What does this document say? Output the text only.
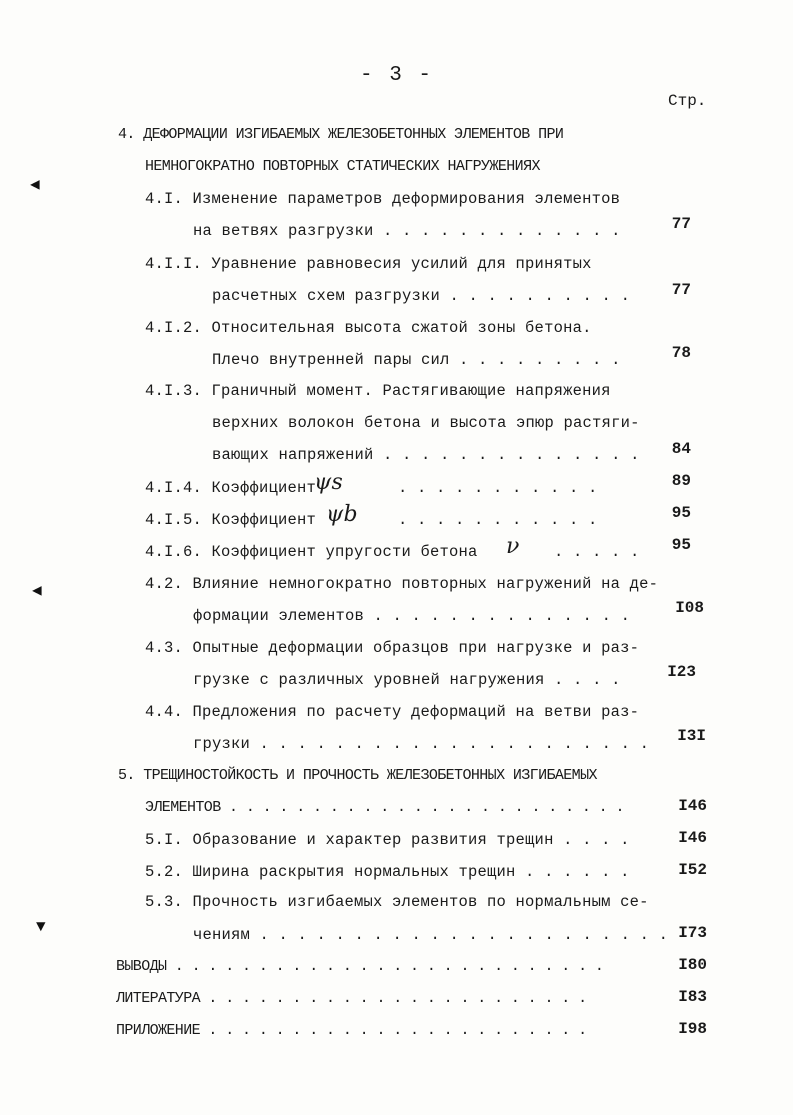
- 3 -
Стр.
◀
◀
▼
4. ДЕФОРМАЦИИ ИЗГИБАЕМЫХ ЖЕЛЕЗОБЕТОННЫХ ЭЛЕМЕНТОВ ПРИ
НЕМНОГОКРАТНО ПОВТОРНЫХ СТАТИЧЕСКИХ НАГРУЖЕНИЯХ
4.I. Изменение параметров деформирования элементов
на ветвях разгрузки . . . . . . . . . . . . .	77
4.I.I. Уравнение равновесия усилий для принятых
расчетных схем разгрузки . . . . . . . . . .	77
4.I.2. Относительная высота сжатой зоны бетона.
Плечо внутренней пары сил . . . . . . . . .	78
4.I.3. Граничный момент. Растягивающие напряжения
верхних волокон бетона и высота эпюр растяги-
вающих напряжений . . . . . . . . . . . . . .	84
4.I.4. Коэффициент
ψs	. . . . . . . . . . .	89
4.I.5. Коэффициент ψb	. . . . . . . . . . .	95
4.I.6. Коэффициент упругости бетона ν . . . . .	95
4.2. Влияние немногократно повторных нагружений на де-
формации элементов . . . . . . . . . . . . . .	I08
4.3. Опытные деформации образцов при нагрузке и раз-
грузке с различных уровней нагружения . . . .	I23
4.4. Предложения по расчету деформаций на ветви раз-
грузки . . . . . . . . . . . . . . . . . . . . .	I3I
5. ТРЕЩИНОСТОЙКОСТЬ И ПРОЧНОСТЬ ЖЕЛЕЗОБЕТОННЫХ ИЗГИБАЕМЫХ
ЭЛЕМЕНТОВ . . . . . . . . . . . . . . . . . . . . . . . .	I46
5.I. Образование и характер развития трещин . . . .	I46
5.2. Ширина раскрытия нормальных трещин . . . . . .	I52
5.3. Прочность изгибаемых элементов по нормальным се-
чениям . . . . . . . . . . . . . . . . . . . . . . I73
ВЫВОДЫ . . . . . . . . . . . . . . . . . . . . . . . . . .	I80
ЛИТЕРАТУРА . . . . . . . . . . . . . . . . . . . . . . .	I83
ПРИЛОЖЕНИЕ . . . . . . . . . . . . . . . . . . . . . . .	I98
